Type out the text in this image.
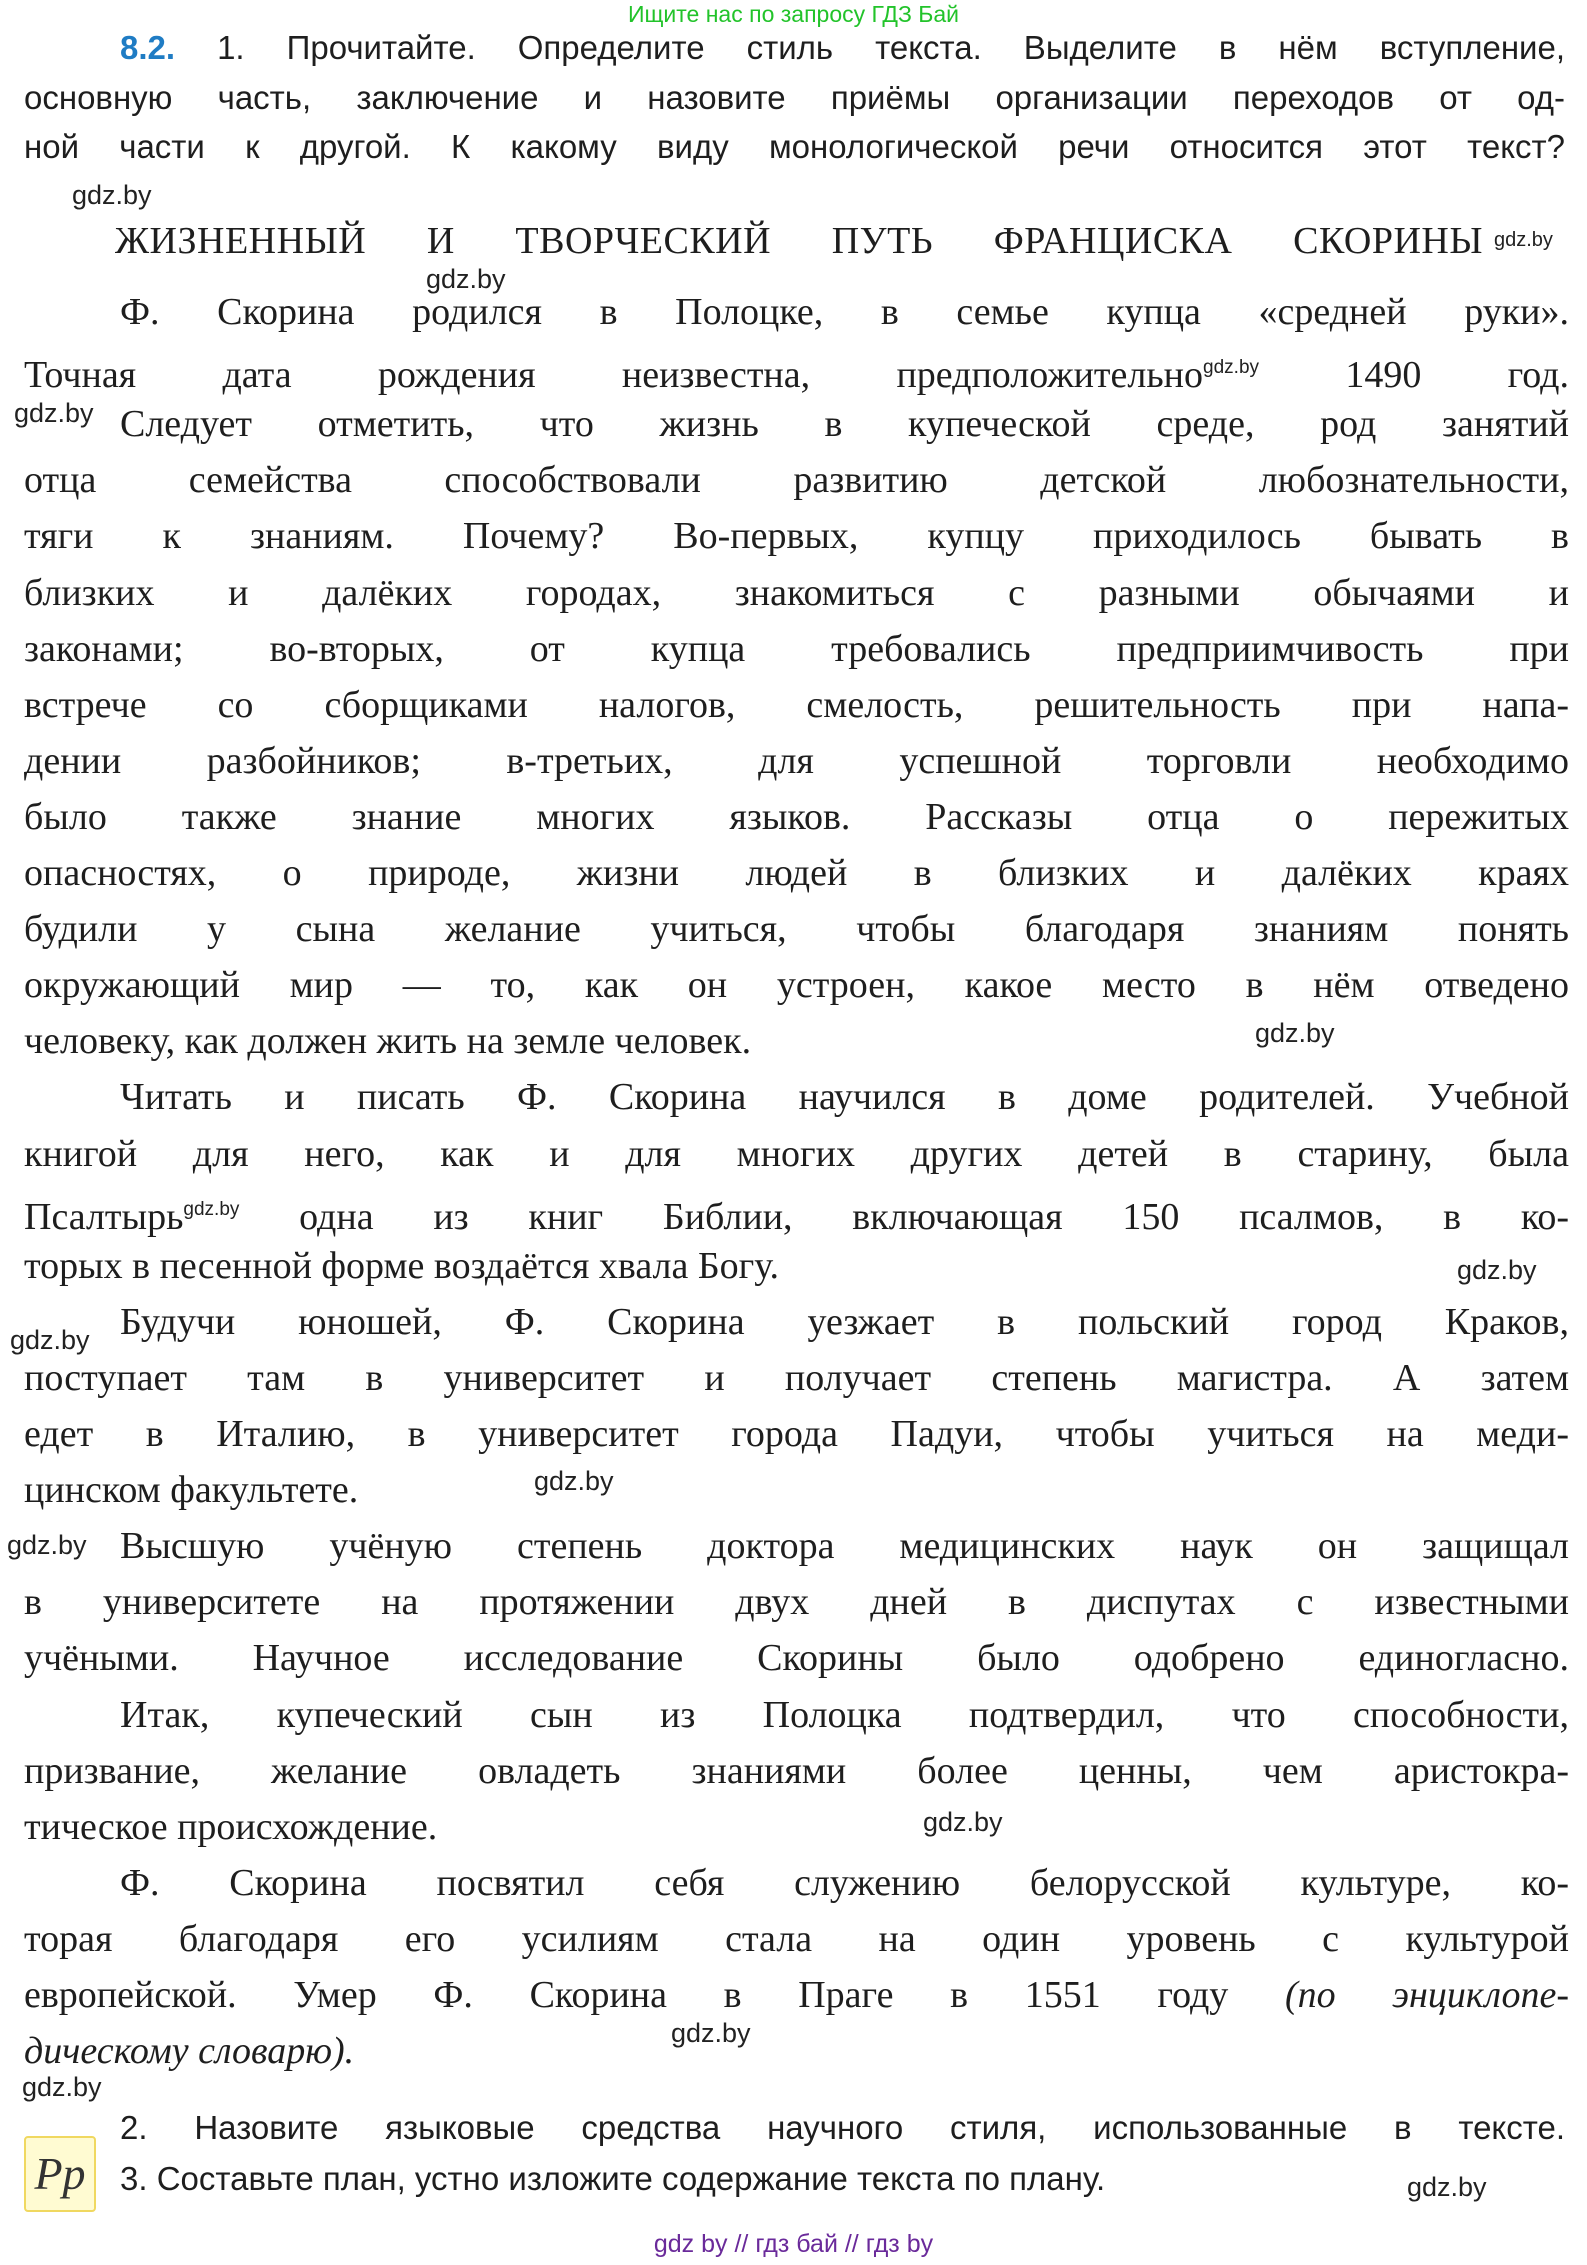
Ищите нас по запросу ГДЗ Бай
8.2. 1. Прочитайте. Определите стиль текста. Выделите в нём вступление,
основную часть, заключение и назовите приёмы организации переходов от од-
ной части к другой. К какому виду монологической речи относится этот текст?
ЖИЗНЕННЫЙ И ТВОРЧЕСКИЙ ПУТЬ ФРАНЦИСКА СКОРИНЫ
Ф. Скорина родился в Полоцке, в семье купца «средней руки».
Точная дата рождения неизвестна, предположительно$^{gdz.by}$ 1490 год.
Следует отметить, что жизнь в купеческой среде, род занятий
отца семейства способствовали развитию детской любознательности,
тяги к знаниям. Почему? Во-первых, купцу приходилось бывать в
близких и далёких городах, знакомиться с разными обычаями и
законами; во-вторых, от купца требовались предприимчивость при
встрече со сборщиками налогов, смелость, решительность при напа-
дении разбойников; в-третьих, для успешной торговли необходимо
было также знание многих языков. Рассказы отца о пережитых
опасностях, о природе, жизни людей в близких и далёких краях
будили у сына желание учиться, чтобы благодаря знаниям понять
окружающий мир — то, как он устроен, какое место в нём отведено
человеку, как должен жить на земле человек.
Читать и писать Ф. Скорина научился в доме родителей. Учебной
книгой для него, как и для многих других детей в старину, была
Псалтырь$^{gdz.by}$ одна из книг Библии, включающая 150 псалмов, в ко-
торых в песенной форме воздаётся хвала Богу.
Будучи юношей, Ф. Скорина уезжает в польский город Краков,
поступает там в университет и получает степень магистра. А затем
едет в Италию, в университет города Падуи, чтобы учиться на меди-
цинском факультете.
Высшую учёную степень доктора медицинских наук он защищал
в университете на протяжении двух дней в диспутах с известными
учёными. Научное исследование Скорины было одобрено единогласно.
Итак, купеческий сын из Полоцка подтвердил, что способности,
призвание, желание овладеть знаниями более ценны, чем аристокра-
тическое происхождение.
Ф. Скорина посвятил себя служению белорусской культуре, ко-
торая благодаря его усилиям стала на один уровень с культурой
европейской. Умер Ф. Скорина в Праге в 1551 году (по энциклопе-
дическому словарю).
gdz.by
gdz.by
gdz.by
gdz.by
gdz.by
gdz.by
gdz.by
gdz.by
gdz.by
gdz.by
gdz.by
gdz.by
gdz.by
Pp
2. Назовите языковые средства научного стиля, использованные в тексте.
3. Составьте план, устно изложите содержание текста по плану.
gdz by // гдз бай // гдз by
